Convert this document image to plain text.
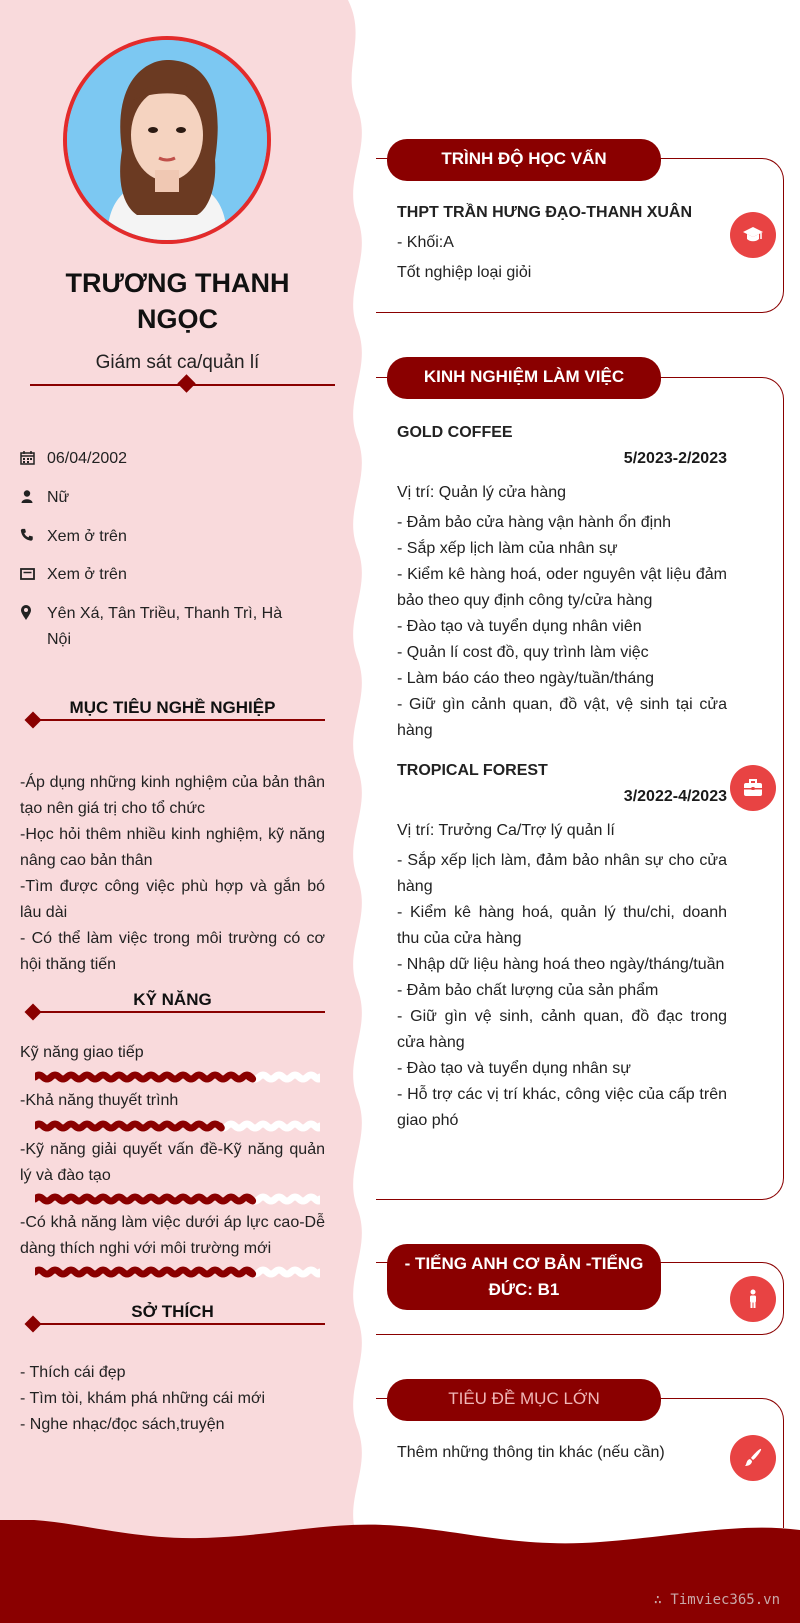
TRƯƠNG THANH
NGỌC
Giám sát ca/quản lí
06/04/2002
Nữ
Xem ở trên
Xem ở trên
Yên Xá, Tân Triều, Thanh Trì, Hà Nội
MỤC TIÊU NGHỀ NGHIỆP
-Áp dụng những kinh nghiệm của bản thân tạo nên giá trị cho tổ chức
-Học hỏi thêm nhiều kinh nghiệm, kỹ năng nâng cao bản thân
-Tìm được công việc phù hợp và gắn bó lâu dài
- Có thể làm việc trong môi trường có cơ hội thăng tiến
KỸ NĂNG
Kỹ năng giao tiếp
-Khả năng thuyết trình
-Kỹ năng giải quyết vấn đề-Kỹ năng quản lý và đào tạo
-Có khả năng làm việc dưới áp lực cao-Dễ dàng thích nghi với môi trường mới
SỞ THÍCH
- Thích cái đẹp
- Tìm tòi, khám phá những cái mới
- Nghe nhạc/đọc sách,truyện
TRÌNH ĐỘ HỌC VẤN
THPT TRẦN HƯNG ĐẠO-THANH XUÂN
- Khối:A
Tốt nghiệp loại giỏi
KINH NGHIỆM LÀM VIỆC
GOLD COFFEE
5/2023-2/2023
Vị trí: Quản lý cửa hàng
- Đảm bảo cửa hàng vận hành ổn định
- Sắp xếp lịch làm của nhân sự
- Kiểm kê hàng hoá, oder nguyên vật liệu đảm bảo theo quy định công ty/cửa hàng
- Đào tạo và tuyển dụng nhân viên
- Quản lí cost đồ, quy trình làm việc
- Làm báo cáo theo ngày/tuần/tháng
- Giữ gìn cảnh quan, đồ vật, vệ sinh tại cửa hàng
TROPICAL FOREST
3/2022-4/2023
Vị trí: Trưởng Ca/Trợ lý quản lí
- Sắp xếp lịch làm, đảm bảo nhân sự cho cửa hàng
- Kiểm kê hàng hoá, quản lý thu/chi, doanh thu của cửa hàng
- Nhập dữ liệu hàng hoá theo ngày/tháng/tuần
- Đảm bảo chất lượng của sản phẩm
- Giữ gìn vệ sinh, cảnh quan, đồ đạc trong cửa hàng
- Đào tạo và tuyển dụng nhân sự
- Hỗ trợ các vị trí khác, công việc của cấp trên giao phó
- TIẾNG ANH CƠ BẢN -TIẾNG ĐỨC: B1
TIÊU ĐỀ MỤC LỚN
Thêm những thông tin khác (nếu cần)
∴ Timviec365.vn
